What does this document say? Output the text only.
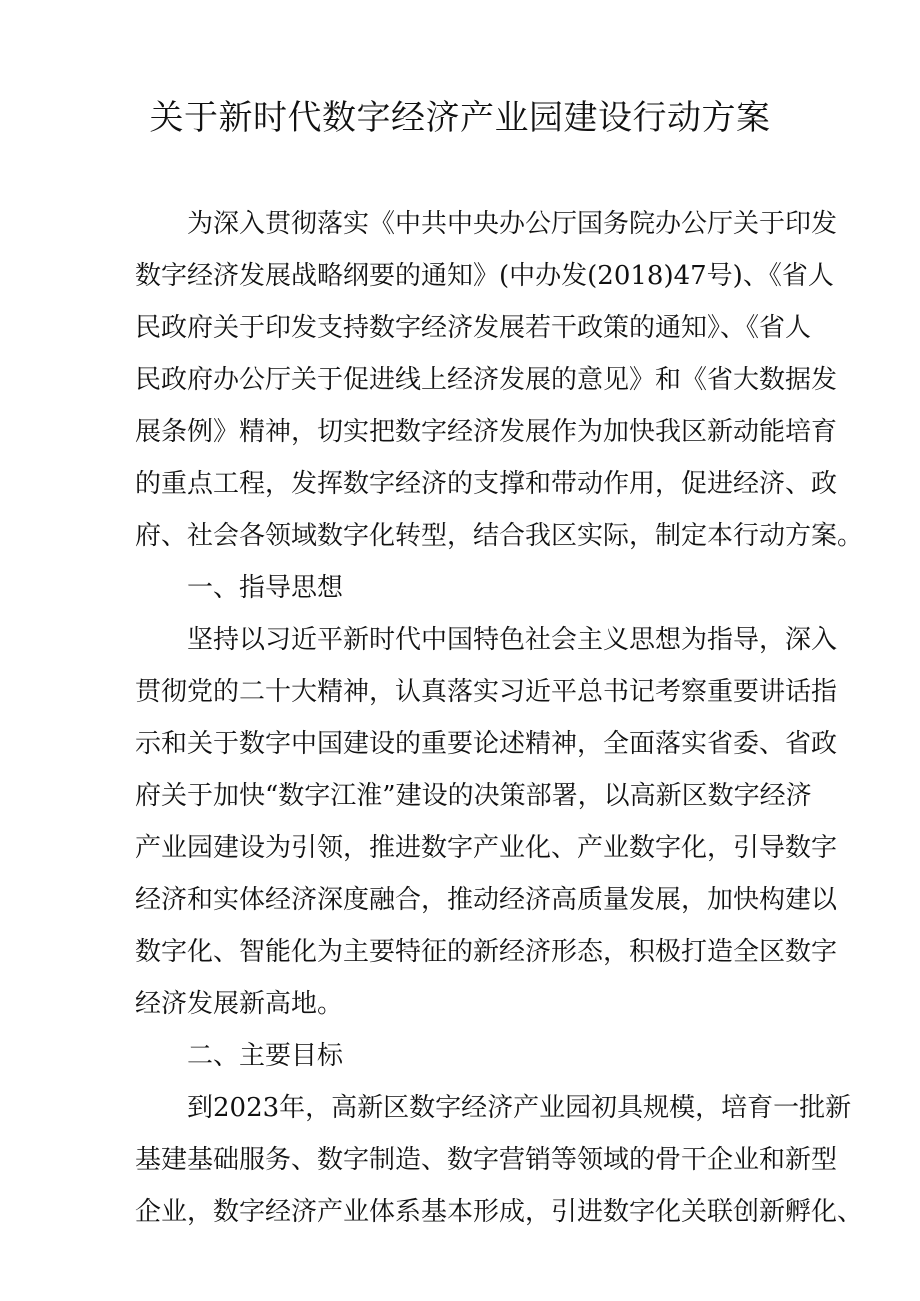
关于新时代数字经济产业园建设行动方案
为深入贯彻落实《中共中央办公厅国务院办公厅关于印发
数字经济发展战略纲要的通知》(中办发(2018)47号)、《省人
民政府关于印发支持数字经济发展若干政策的通知》、《省人
民政府办公厅关于促进线上经济发展的意见》和《省大数据发
展条例》精神，切实把数字经济发展作为加快我区新动能培育
的重点工程，发挥数字经济的支撑和带动作用，促进经济、政
府、社会各领域数字化转型，结合我区实际，制定本行动方案。
一、指导思想
坚持以习近平新时代中国特色社会主义思想为指导，深入
贯彻党的二十大精神，认真落实习近平总书记考察重要讲话指
示和关于数字中国建设的重要论述精神，全面落实省委、省政
府关于加快“数字江淮”建设的决策部署，以高新区数字经济
产业园建设为引领，推进数字产业化、产业数字化，引导数字
经济和实体经济深度融合，推动经济高质量发展，加快构建以
数字化、智能化为主要特征的新经济形态，积极打造全区数字
经济发展新高地。
二、主要目标
到2023年，高新区数字经济产业园初具规模，培育一批新
基建基础服务、数字制造、数字营销等领域的骨干企业和新型
企业，数字经济产业体系基本形成，引进数字化关联创新孵化、
